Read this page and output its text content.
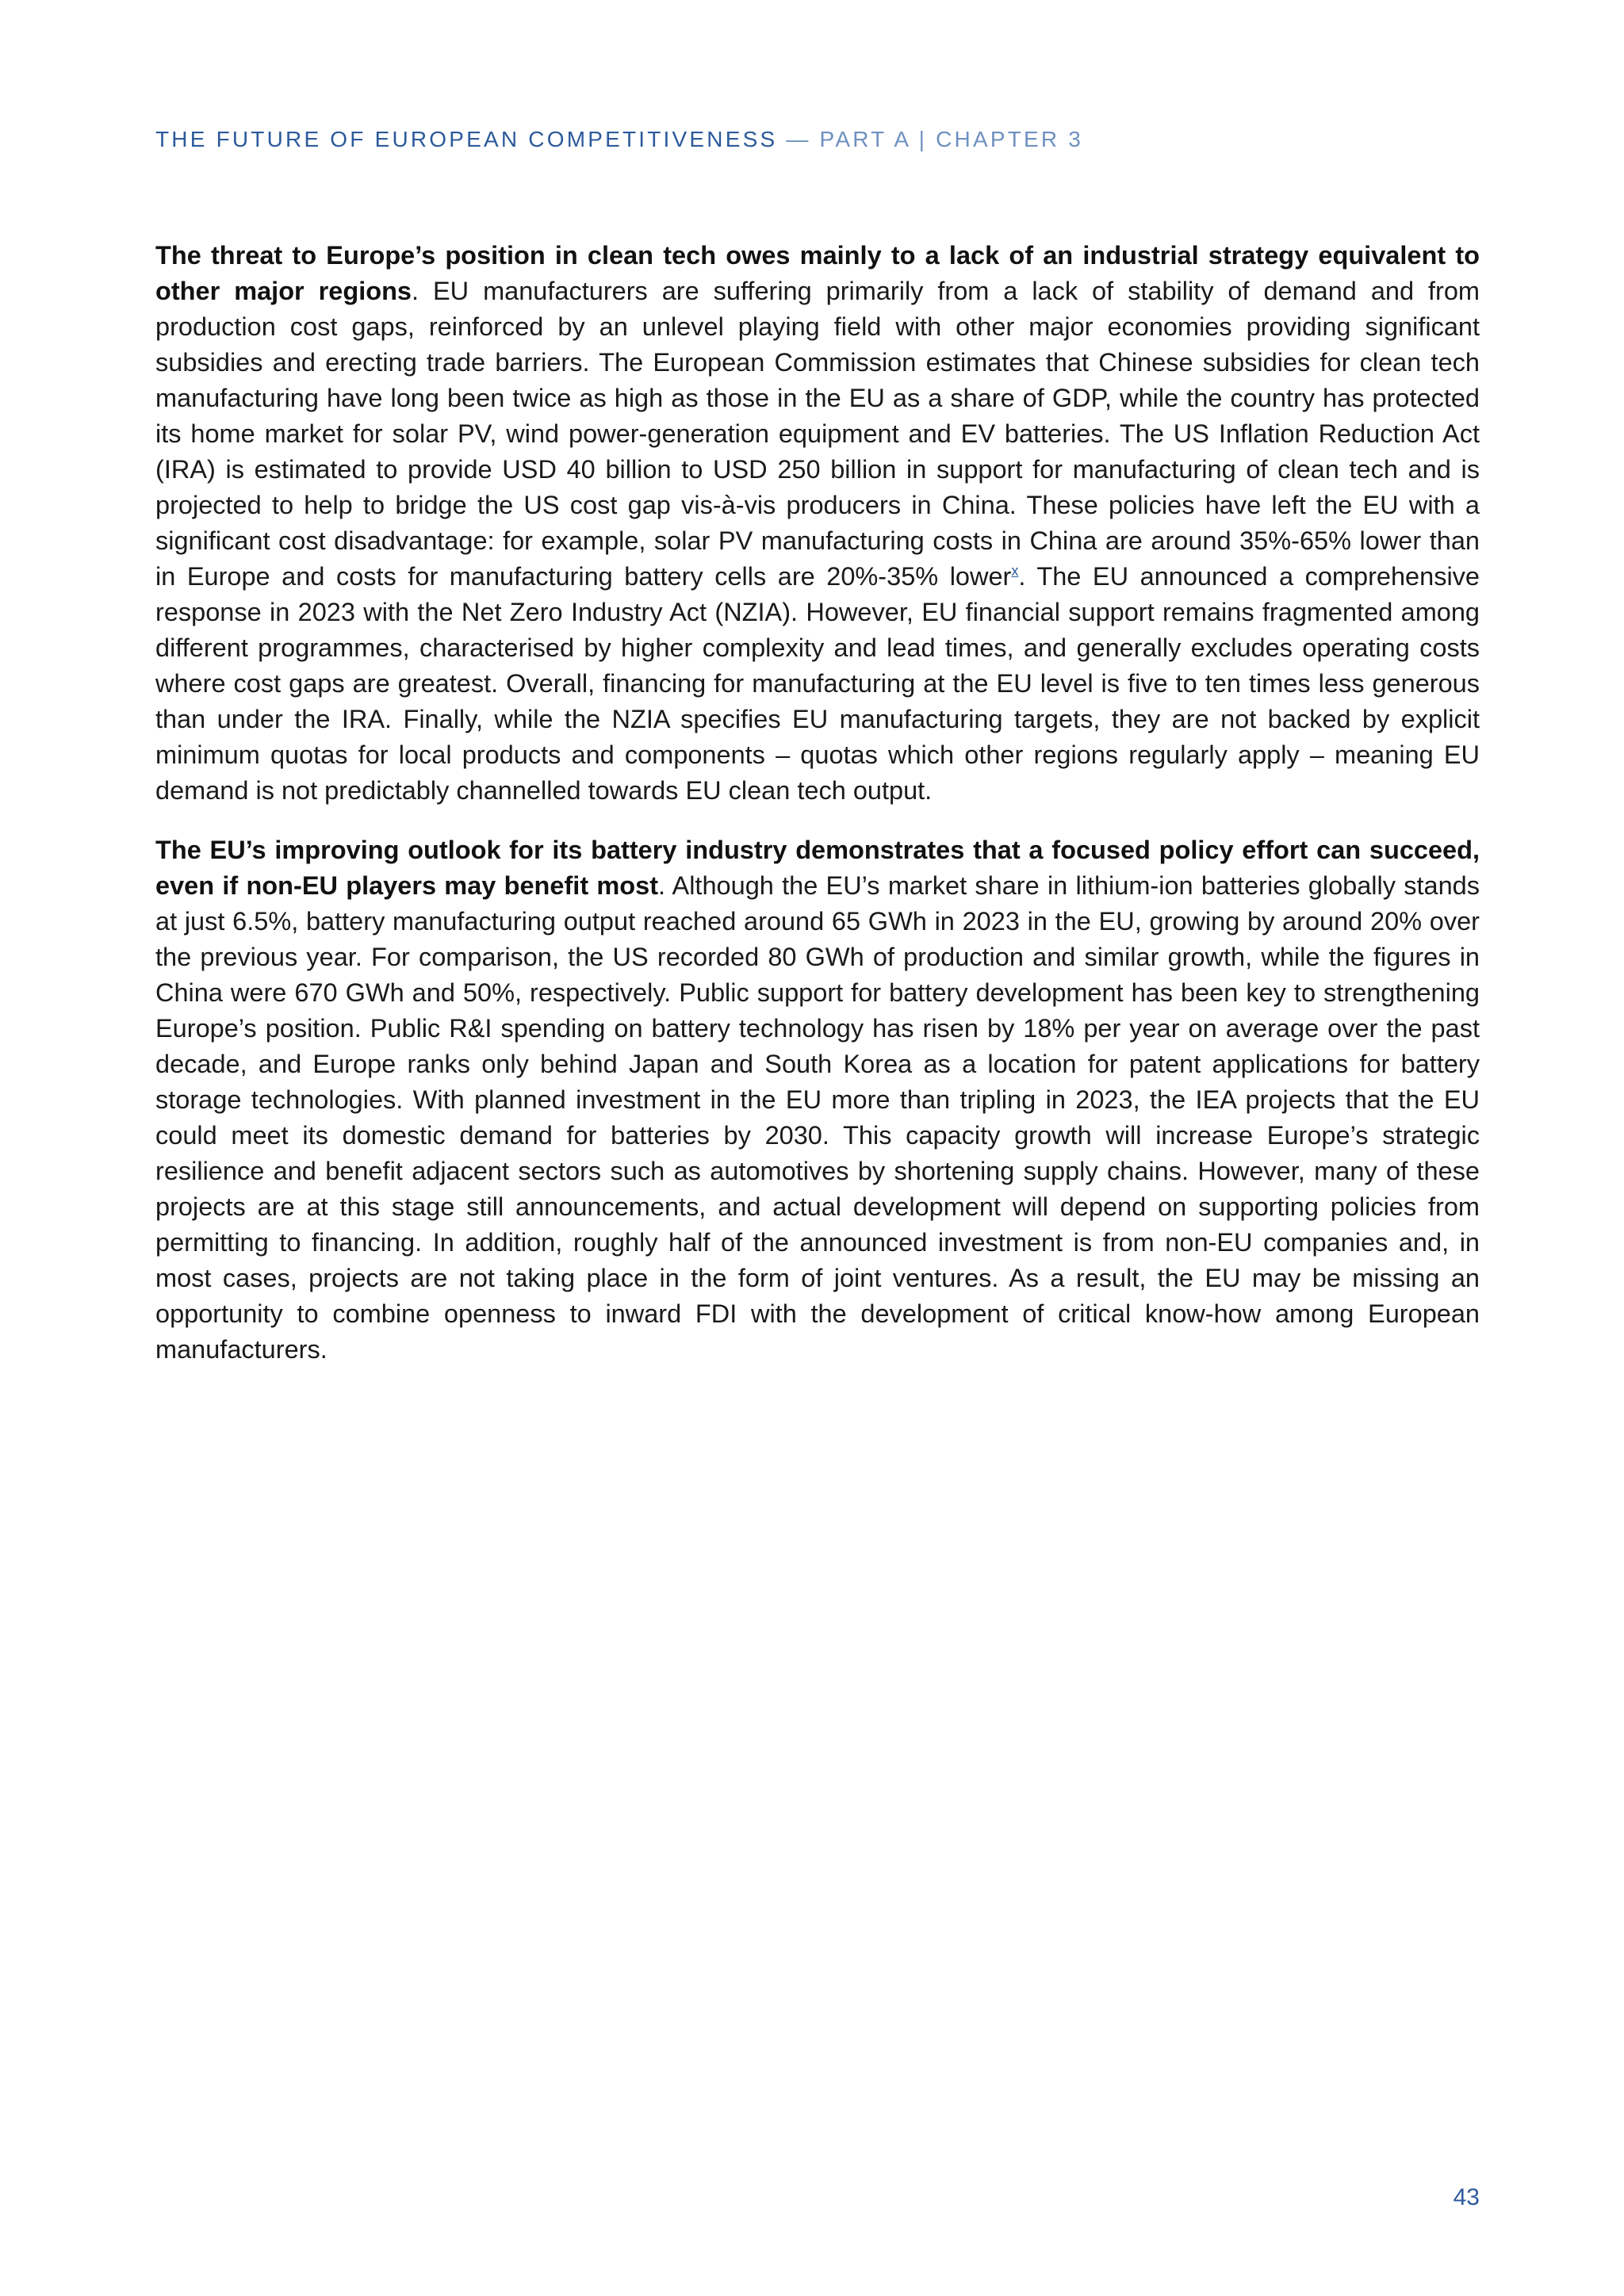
THE FUTURE OF EUROPEAN COMPETITIVENESS — PART A | CHAPTER 3

The threat to Europe’s position in clean tech owes mainly to a lack of an industrial strategy equivalent to other major regions. EU manufacturers are suffering primarily from a lack of stability of demand and from production cost gaps, reinforced by an unlevel playing field with other major economies providing significant subsidies and erecting trade barriers. The European Commission estimates that Chinese subsidies for clean tech manufacturing have long been twice as high as those in the EU as a share of GDP, while the country has protected its home market for solar PV, wind power-generation equipment and EV batteries. The US Inflation Reduction Act (IRA) is estimated to provide USD 40 billion to USD 250 billion in support for manufacturing of clean tech and is projected to help to bridge the US cost gap vis-à-vis producers in China. These policies have left the EU with a significant cost disadvantage: for example, solar PV manufacturing costs in China are around 35%-65% lower than in Europe and costs for manufacturing battery cells are 20%-35% lower$^x$. The EU announced a comprehensive response in 2023 with the Net Zero Industry Act (NZIA). However, EU financial support remains fragmented among different programmes, characterised by higher complexity and lead times, and generally excludes operating costs where cost gaps are greatest. Overall, financing for manufacturing at the EU level is five to ten times less generous than under the IRA. Finally, while the NZIA specifies EU manufacturing targets, they are not backed by explicit minimum quotas for local products and components – quotas which other regions regularly apply – meaning EU demand is not predictably channelled towards EU clean tech output.

The EU’s improving outlook for its battery industry demonstrates that a focused policy effort can succeed, even if non-EU players may benefit most. Although the EU’s market share in lithium-ion batteries globally stands at just 6.5%, battery manufacturing output reached around 65 GWh in 2023 in the EU, growing by around 20% over the previous year. For comparison, the US recorded 80 GWh of production and similar growth, while the figures in China were 670 GWh and 50%, respectively. Public support for battery development has been key to strengthening Europe’s position. Public R&I spending on battery technology has risen by 18% per year on average over the past decade, and Europe ranks only behind Japan and South Korea as a location for patent applications for battery storage technologies. With planned investment in the EU more than tripling in 2023, the IEA projects that the EU could meet its domestic demand for batteries by 2030. This capacity growth will increase Europe’s strategic resilience and benefit adjacent sectors such as automotives by shortening supply chains. However, many of these projects are at this stage still announcements, and actual development will depend on supporting policies from permitting to financing. In addition, roughly half of the announced investment is from non-EU companies and, in most cases, projects are not taking place in the form of joint ventures. As a result, the EU may be missing an opportunity to combine openness to inward FDI with the development of critical know-how among European manufacturers.

43
